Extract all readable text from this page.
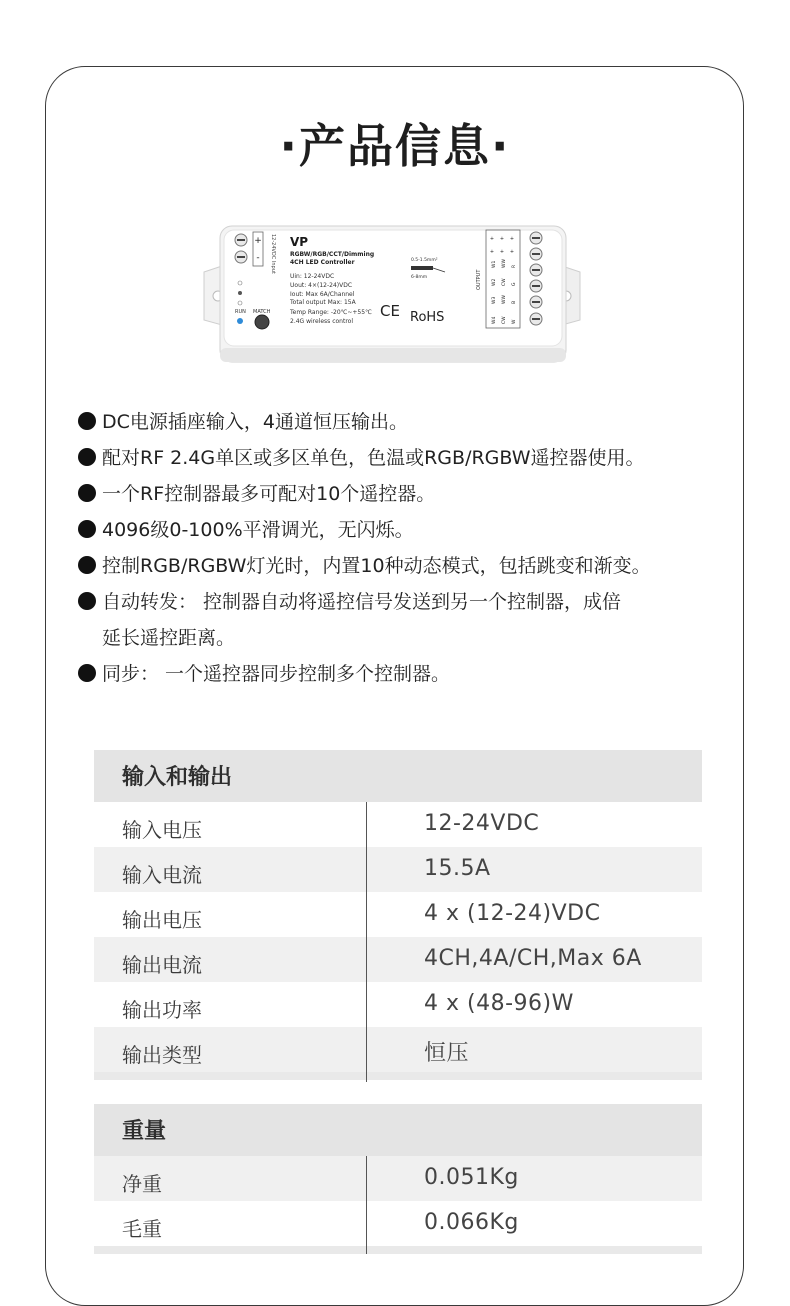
·产品信息·
+
- 12-24VDC Input
RUN MATCH
VP
RGBW/RGB/CCT/Dimming
4CH LED Controller
Uin: 12-24VDC
Uout: 4×(12-24)VDC
Iout: Max 6A/Channel
Total output Max: 15A
Temp Range: -20℃~+55℃
2.4G wireless control
CE RoHS
0.5-1.5mm²
6-8mm	OUTPUT
+ + +
+ + +
W1 WW R
W2 CW G
W3 WW B
W4 CW W
DC电源插座输入，4通道恒压输出。
配对RF 2.4G单区或多区单色，色温或RGB/RGBW遥控器使用。
一个RF控制器最多可配对10个遥控器。
4096级0-100%平滑调光，无闪烁。
控制RGB/RGBW灯光时，内置10种动态模式，包括跳变和渐变。
自动转发： 控制器自动将遥控信号发送到另一个控制器，成倍
延长遥控距离。
同步： 一个遥控器同步控制多个控制器。
输入和输出
输入电压	12-24VDC
输入电流	15.5A
输出电压	4 x (12-24)VDC
输出电流	4CH,4A/CH,Max 6A
输出功率	4 x (48-96)W
输出类型	恒压
重量
净重	0.051Kg
毛重	0.066Kg
